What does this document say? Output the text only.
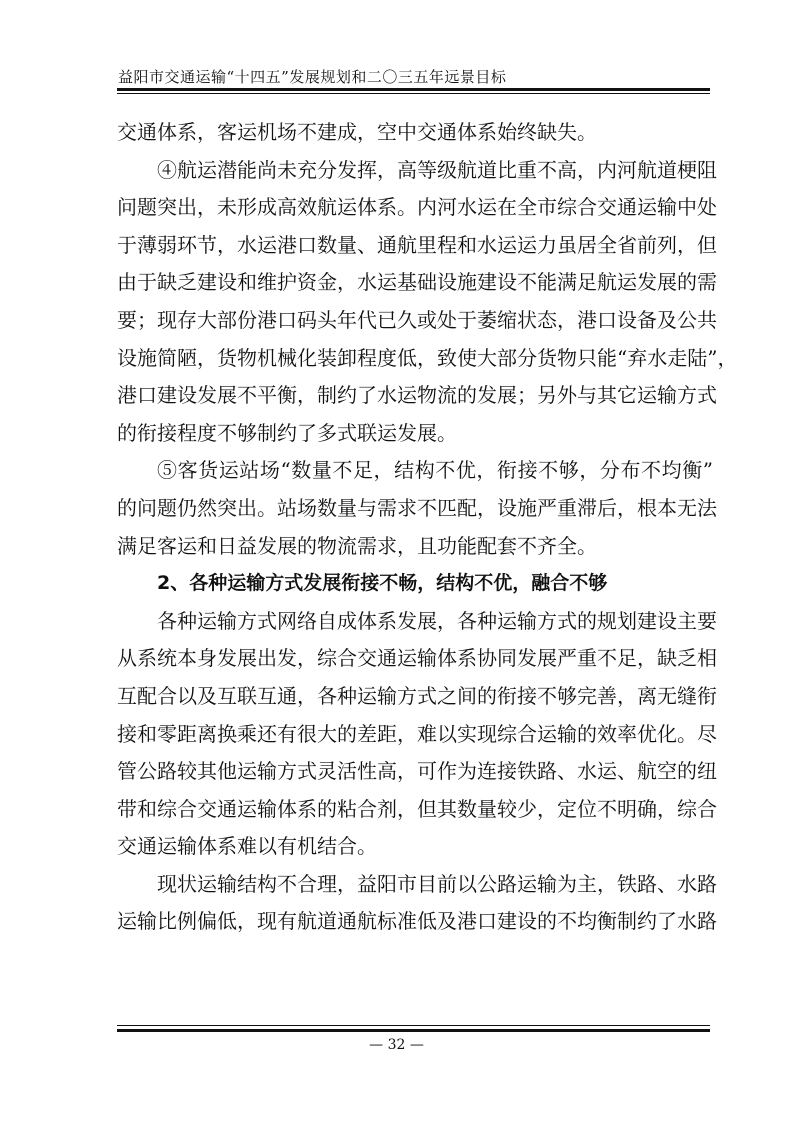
益阳市交通运输“十四五”发展规划和二〇三五年远景目标
交通体系，客运机场不建成，空中交通体系始终缺失。
④航运潜能尚未充分发挥，高等级航道比重不高，内河航道梗阻
问题突出，未形成高效航运体系。内河水运在全市综合交通运输中处
于薄弱环节，水运港口数量、通航里程和水运运力虽居全省前列，但
由于缺乏建设和维护资金，水运基础设施建设不能满足航运发展的需
要；现存大部份港口码头年代已久或处于萎缩状态，港口设备及公共
设施简陋，货物机械化装卸程度低，致使大部分货物只能“弃水走陆”，
港口建设发展不平衡，制约了水运物流的发展；另外与其它运输方式
的衔接程度不够制约了多式联运发展。
⑤客货运站场“数量不足，结构不优，衔接不够，分布不均衡”
的问题仍然突出。站场数量与需求不匹配，设施严重滞后，根本无法
满足客运和日益发展的物流需求，且功能配套不齐全。
2、各种运输方式发展衔接不畅，结构不优，融合不够
各种运输方式网络自成体系发展，各种运输方式的规划建设主要
从系统本身发展出发，综合交通运输体系协同发展严重不足，缺乏相
互配合以及互联互通，各种运输方式之间的衔接不够完善，离无缝衔
接和零距离换乘还有很大的差距，难以实现综合运输的效率优化。尽
管公路较其他运输方式灵活性高，可作为连接铁路、水运、航空的纽
带和综合交通运输体系的粘合剂，但其数量较少，定位不明确，综合
交通运输体系难以有机结合。
现状运输结构不合理，益阳市目前以公路运输为主，铁路、水路
运输比例偏低，现有航道通航标准低及港口建设的不均衡制约了水路
— 32 —
